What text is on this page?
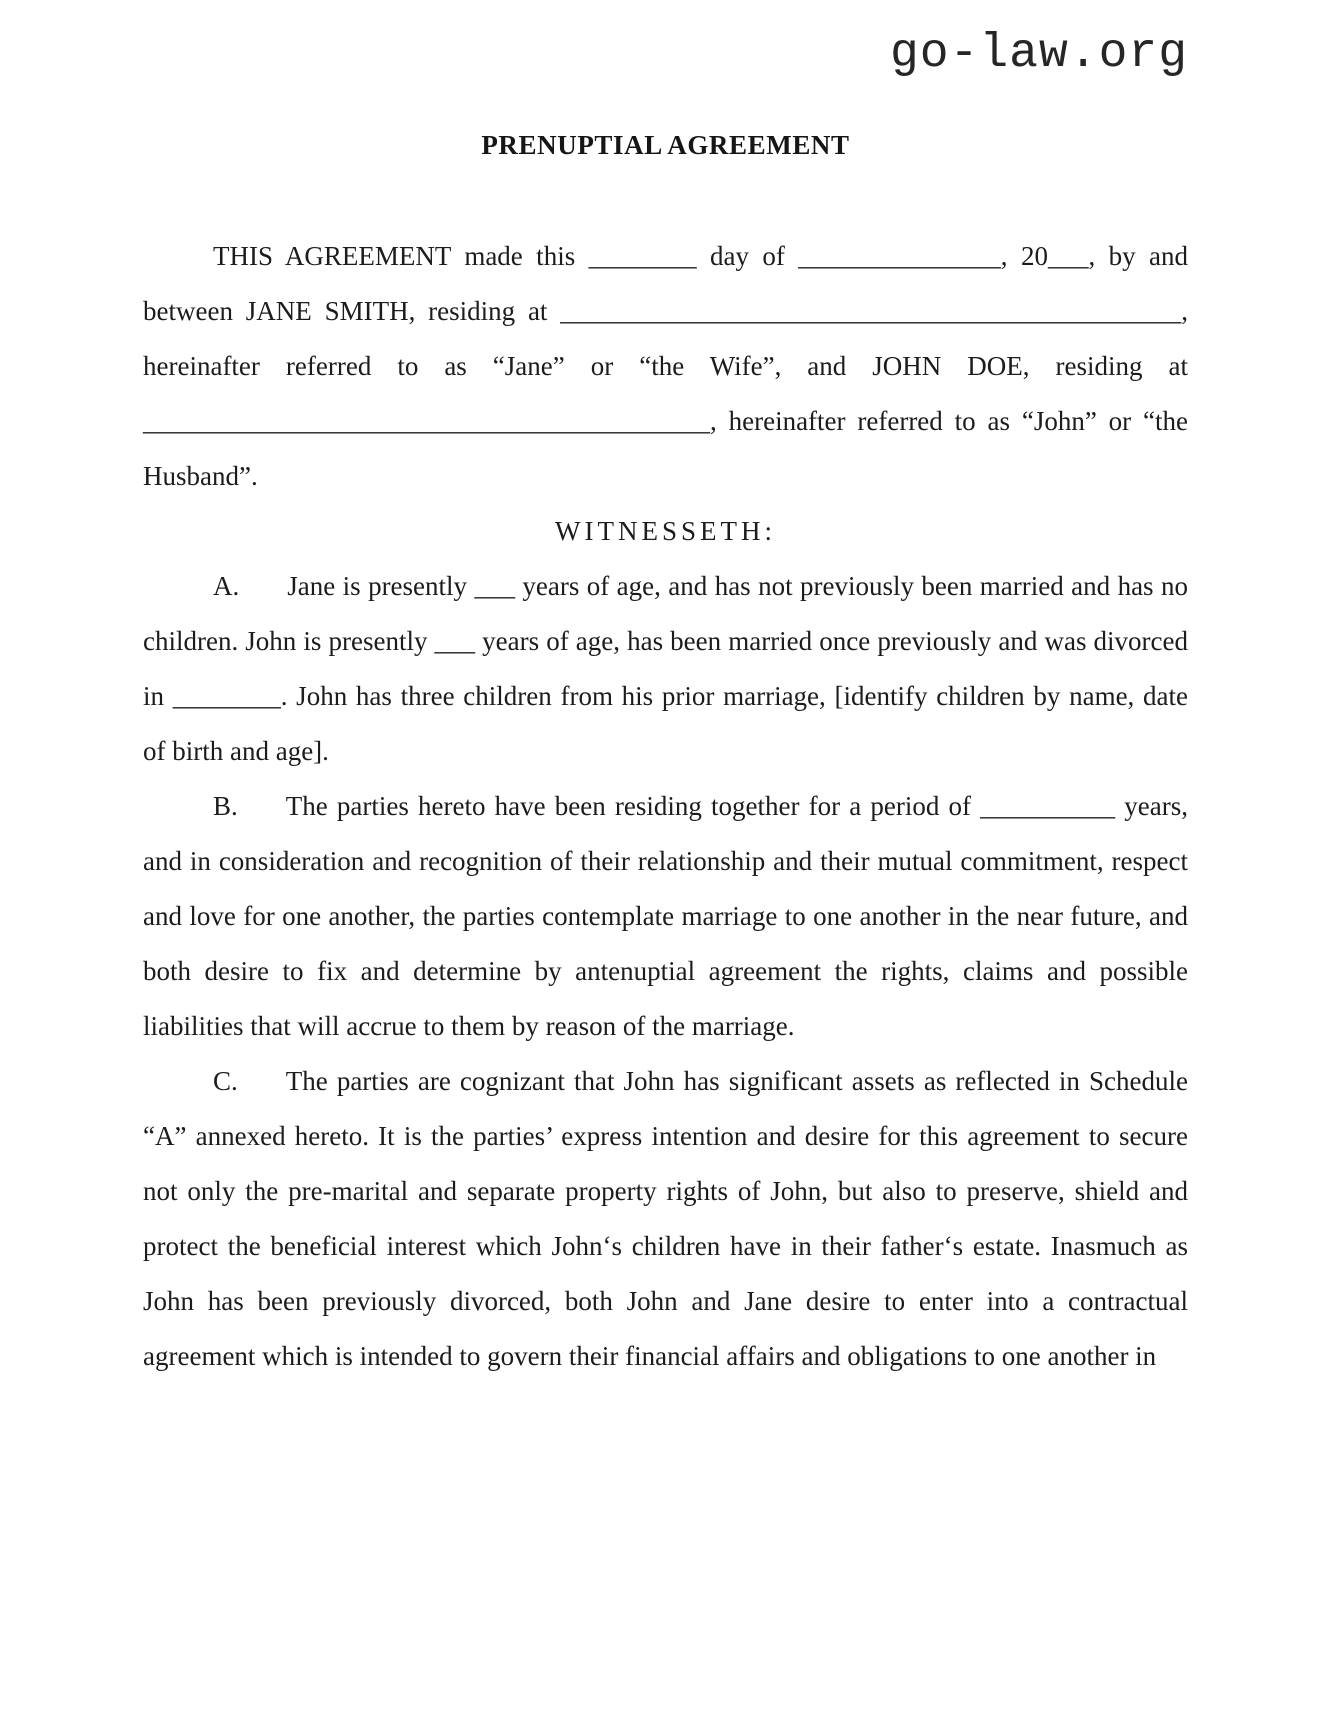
go-law.org
PRENUPTIAL AGREEMENT

THIS AGREEMENT made this ________ day of _______________, 20___, by and between JANE SMITH, residing at ______________________________________________, hereinafter referred to as “Jane” or “the Wife”, and JOHN DOE, residing at __________________________________________, hereinafter referred to as “John” or “the Husband”.

WITNESSETH:

A. Jane is presently ___ years of age, and has not previously been married and has no children. John is presently ___ years of age, has been married once previously and was divorced in ________. John has three children from his prior marriage, [identify children by name, date of birth and age].

B. The parties hereto have been residing together for a period of __________ years, and in consideration and recognition of their relationship and their mutual commitment, respect and love for one another, the parties contemplate marriage to one another in the near future, and both desire to fix and determine by antenuptial agreement the rights, claims and possible liabilities that will accrue to them by reason of the marriage.

C. The parties are cognizant that John has significant assets as reflected in Schedule “A” annexed hereto. It is the parties’ express intention and desire for this agreement to secure not only the pre-marital and separate property rights of John, but also to preserve, shield and protect the beneficial interest which John‘s children have in their father‘s estate. Inasmuch as John has been previously divorced, both John and Jane desire to enter into a contractual agreement which is intended to govern their financial affairs and obligations to one another in
